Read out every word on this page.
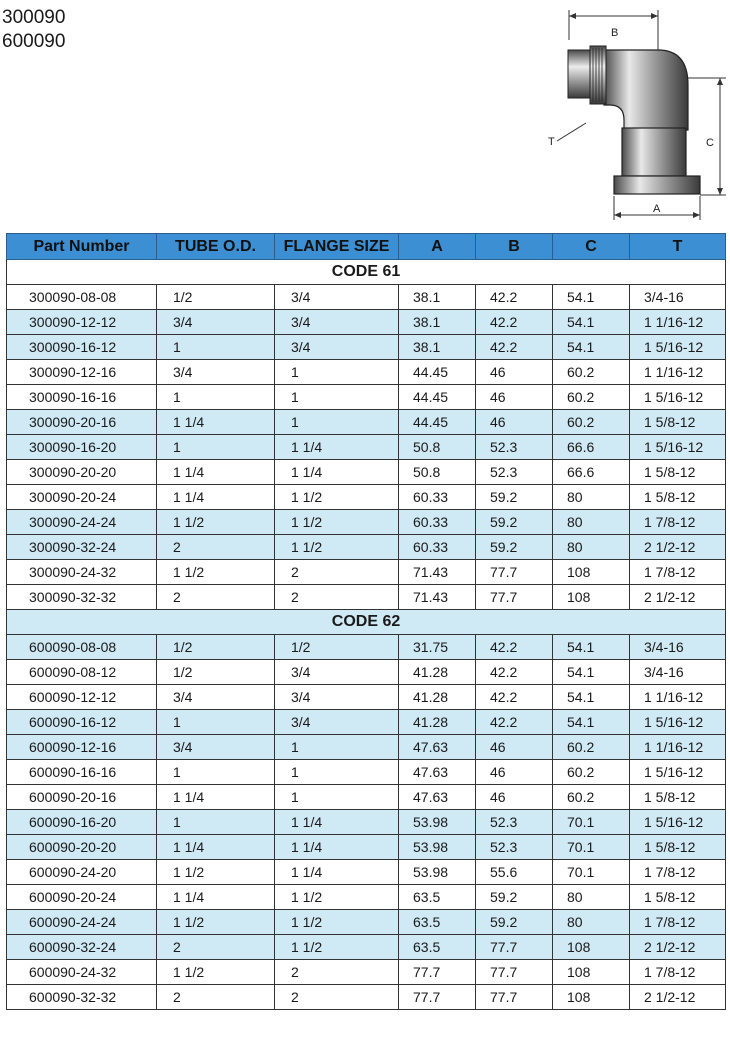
300090
600090	B
C
A
T
Part Number	TUBE O.D.	FLANGE SIZE	A	B	C	T
CODE 61						
300090-08-08	1/2	3/4	38.1	42.2	54.1	3/4-16
300090-12-12	3/4	3/4	38.1	42.2	54.1	1 1/16-12
300090-16-12	1	3/4	38.1	42.2	54.1	1 5/16-12
300090-12-16	3/4	1	44.45	46	60.2	1 1/16-12
300090-16-16	1	1	44.45	46	60.2	1 5/16-12
300090-20-16	1 1/4	1	44.45	46	60.2	1 5/8-12
300090-16-20	1	1 1/4	50.8	52.3	66.6	1 5/16-12
300090-20-20	1 1/4	1 1/4	50.8	52.3	66.6	1 5/8-12
300090-20-24	1 1/4	1 1/2	60.33	59.2	80	1 5/8-12
300090-24-24	1 1/2	1 1/2	60.33	59.2	80	1 7/8-12
300090-32-24	2	1 1/2	60.33	59.2	80	2 1/2-12
300090-24-32	1 1/2	2	71.43	77.7	108	1 7/8-12
300090-32-32	2	2	71.43	77.7	108	2 1/2-12
CODE 62						
600090-08-08	1/2	1/2	31.75	42.2	54.1	3/4-16
600090-08-12	1/2	3/4	41.28	42.2	54.1	3/4-16
600090-12-12	3/4	3/4	41.28	42.2	54.1	1 1/16-12
600090-16-12	1	3/4	41.28	42.2	54.1	1 5/16-12
600090-12-16	3/4	1	47.63	46	60.2	1 1/16-12
600090-16-16	1	1	47.63	46	60.2	1 5/16-12
600090-20-16	1 1/4	1	47.63	46	60.2	1 5/8-12
600090-16-20	1	1 1/4	53.98	52.3	70.1	1 5/16-12
600090-20-20	1 1/4	1 1/4	53.98	52.3	70.1	1 5/8-12
600090-24-20	1 1/2	1 1/4	53.98	55.6	70.1	1 7/8-12
600090-20-24	1 1/4	1 1/2	63.5	59.2	80	1 5/8-12
600090-24-24	1 1/2	1 1/2	63.5	59.2	80	1 7/8-12
600090-32-24	2	1 1/2	63.5	77.7	108	2 1/2-12
600090-24-32	1 1/2	2	77.7	77.7	108	1 7/8-12
600090-32-32	2	2	77.7	77.7	108	2 1/2-12
